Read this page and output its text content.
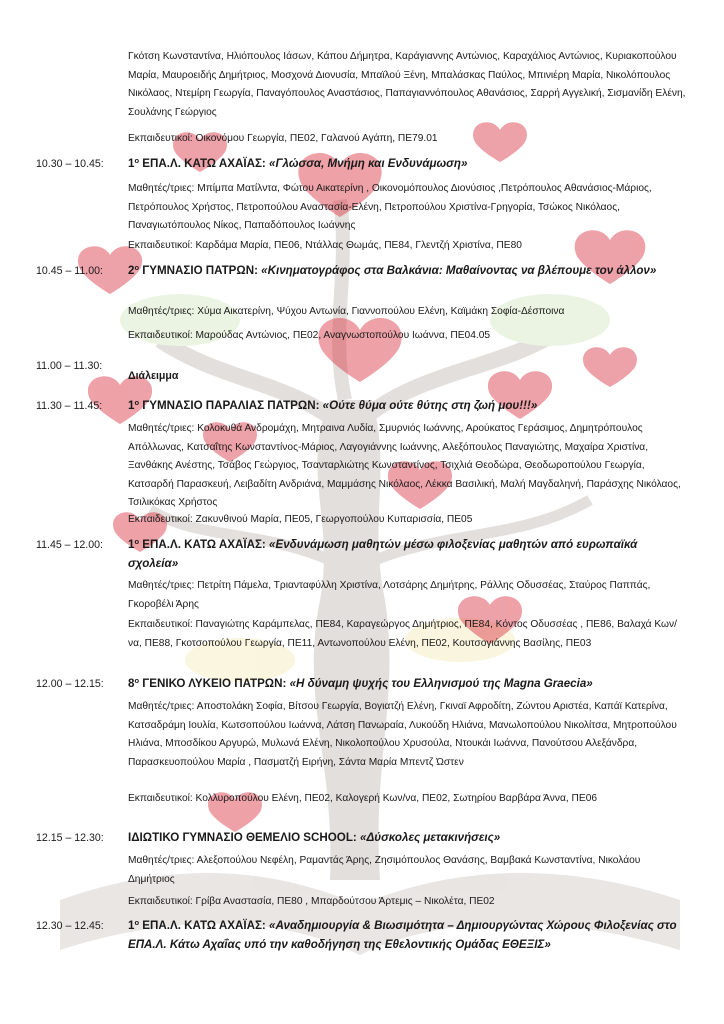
Γκότση Κωνσταντίνα, Ηλιόπουλος Ιάσων, Κάπου Δήμητρα, Καράγιαννης Αντώνιος, Καραχάλιος Αντώνιος, Κυριακοπούλου Μαρία, Μαυροειδής Δημήτριος, Μοσχονά Διονυσία, Μπαϊλού Ξένη, Μπαλάσκας Παύλος, Μπινιέρη Μαρία, Νικολόπουλος Νικόλαος, Ντεμίρη Γεωργία, Παναγόπουλος Αναστάσιος, Παπαγιαννόπουλος Αθανάσιος, Σαρρή Αγγελική, Σισμανίδη Ελένη, Σουλάνης Γεώργιος
Εκπαιδευτικοί: Οικονόμου Γεωργία, ΠΕ02, Γαλανού Αγάπη, ΠΕ79.01
10.30 – 10.45: $1^o$ ΕΠΑ.Λ. ΚΑΤΩ ΑΧΑΪΑΣ: «Γλώσσα, Μνήμη και Ενδυνάμωση»
Μαθητές/τριες: Μπίμπα Ματίλντα, Φώτου Αικατερίνη , Οικονομόπουλος Διονύσιος ,Πετρόπουλος Αθανάσιος-Μάριος, Πετρόπουλος Χρήστος, Πετροπούλου Αναστασία-Ελένη, Πετροπούλου Χριστίνα-Γρηγορία, Τσώκος Νικόλαος, Παναγιωτόπουλος Νίκος, Παπαδόπουλος Ιωάννης
Εκπαιδευτικοί: Καρδάμα Μαρία, ΠΕ06, Ντάλλας Θωμάς, ΠΕ84, Γλεντζή Χριστίνα, ΠΕ80
10.45 – 11.00: $2^o$ ΓΥΜΝΑΣΙΟ ΠΑΤΡΩΝ: «Κινηματογράφος στα Βαλκάνια: Μαθαίνοντας να βλέπουμε τον άλλον»
Μαθητές/τριες: Χύμα Αικατερίνη, Ψύχου Αντωνία, Γιαννοπούλου Ελένη, Καϊμάκη Σοφία-Δέσποινα
Εκπαιδευτικοί: Μαρούδας Αντώνιος, ΠΕ02, Αναγνωστοπούλου Ιωάννα, ΠΕ04.05
11.00 – 11.30:
Διάλειμμα
11.30 – 11.45: $1^o$ ΓΥΜΝΑΣΙΟ ΠΑΡΑΛΙΑΣ ΠΑΤΡΩΝ: «Ούτε θύμα ούτε θύτης στη ζωή μου!!!»
Μαθητές/τριες: Κολοκυθά Ανδρομάχη, Μητραινα Λυδία, Σμυρνιός Ιωάννης, Αρούκατος Γεράσιμος, Δημητρόπουλος Απόλλωνας, Κατσαΐτης Κωνσταντίνος-Μάριος, Λαγογιάννης Ιωάννης, Αλεξόπουλος Παναγιώτης, Μαχαίρα Χριστίνα, Ξανθάκης Ανέστης, Τσάβος Γεώργιος, Τσανταρλιώτης Κωνσταντίνος, Τσιχλιά Θεοδώρα, Θεοδωροπούλου Γεωργία, Κατσαρδή Παρασκευή, Λειβαδίτη Ανδριάνα, Μαμμάσης Νικόλαος, Λέκκα Βασιλική, Μαλή Μαγδαληνή, Παράσχης Νικόλαος, Τσιλικόκας Χρήστος
Εκπαιδευτικοί: Ζακυνθινού Μαρία, ΠΕ05, Γεωργοπούλου Κυπαρισσία, ΠΕ05
11.45 – 12.00: $1^o$ ΕΠΑ.Λ. ΚΑΤΩ ΑΧΑΪΑΣ: «Ενδυνάμωση μαθητών μέσω φιλοξενίας μαθητών από ευρωπαϊκά σχολεία»
Μαθητές/τριες: Πετρίτη Πάμελα, Τριανταφύλλη Χριστίνα, Λοτσάρης Δημήτρης, Ράλλης Οδυσσέας, Σταύρος Παππάς, Γκοροβέλι Άρης
Εκπαιδευτικοί: Παναγιώτης Καράμπελας, ΠΕ84, Καραγεώργος Δημήτριος, ΠΕ84, Κόντος Οδυσσέας , ΠΕ86, Βαλαχά Κων/να, ΠΕ88, Γκοτσοπούλου Γεωργία, ΠΕ11, Αντωνοπούλου Ελένη, ΠΕ02, Κουτσογιάννης Βασίλης, ΠΕ03
12.00 – 12.15: $8^o$ ΓΕΝΙΚΟ ΛΥΚΕΙΟ ΠΑΤΡΩΝ: «Η δύναμη ψυχής του Ελληνισμού της Magna Graecia»
Μαθητές/τριες: Αποστολάκη Σοφία, Βίτσου Γεωργία, Βογιατζή Ελένη, Γκιναϊ Αφροδίτη, Ζώντου Αριστέα, Καπάϊ Κατερίνα, Κατσαδράμη Ιουλία, Κωτσοπούλου Ιωάννα, Λάτση Πανωραία, Λυκούδη Ηλιάνα, Μανωλοπούλου Νικολίτσα, Μητροπούλου Ηλιάνα, Μποσδίκου Αργυρώ, Μυλωνά Ελένη, Νικολοπούλου Χρυσούλα, Ντουκάι Ιωάννα, Πανούτσου Αλεξάνδρα, Παρασκευοπούλου Μαρία , Πασματζή Ειρήνη, Σάντα Μαρία Μπεντζ Ώστεν
Εκπαιδευτικοί: Κολλυροπούλου Ελένη, ΠΕ02, Καλογερή Κων/να, ΠΕ02, Σωτηρίου Βαρβάρα Άννα, ΠΕ06
12.15 – 12.30: ΙΔΙΩΤΙΚΟ ΓΥΜΝΑΣΙΟ ΘΕΜΕΛΙΟ SCHOOL: «Δύσκολες μετακινήσεις»
Μαθητές/τριες: Αλεξοπούλου Νεφέλη, Ραμαντάς Άρης, Ζησιμόπουλος Θανάσης, Βαμβακά Κωνσταντίνα, Νικολάου Δημήτριος
Εκπαιδευτικοί: Γρίβα Αναστασία, ΠΕ80 , Μπαρδούτσου Άρτεμις – Νικολέτα, ΠΕ02
12.30 – 12.45: $1^o$ ΕΠΑ.Λ. ΚΑΤΩ ΑΧΑΪΑΣ: «Αναδημιουργία & Βιωσιμότητα – Δημιουργώντας Χώρους Φιλοξενίας στο ΕΠΑ.Λ. Κάτω Αχαΐας υπό την καθοδήγηση της Εθελοντικής Ομάδας ΕΘΕΞΙΣ»
